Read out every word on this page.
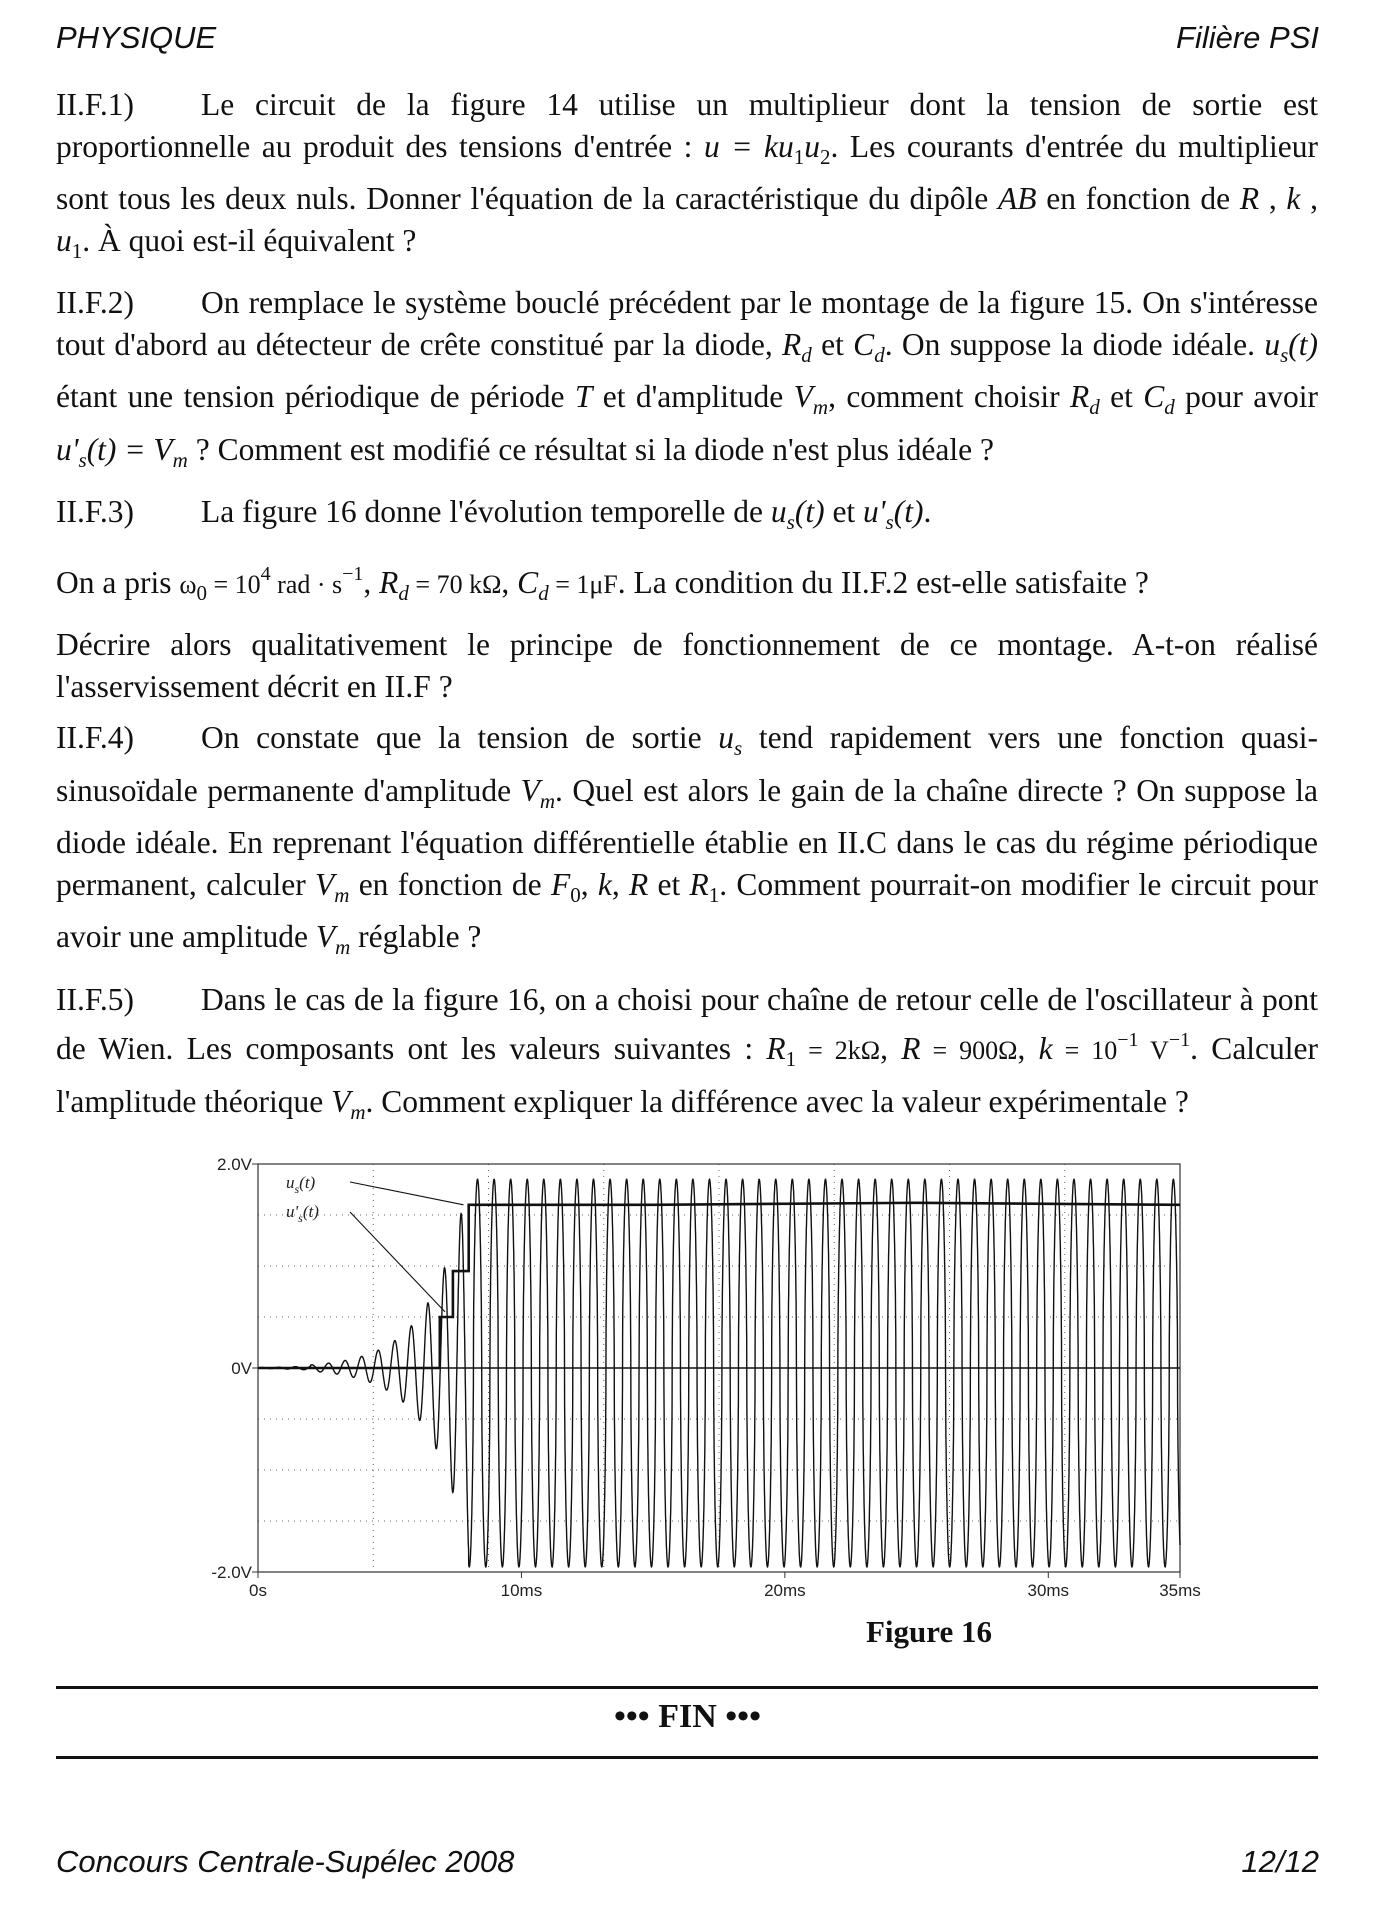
PHYSIQUE	Filière PSI

II.F.1) Le circuit de la figure 14 utilise un multiplieur dont la tension de sortie est proportionnelle au produit des tensions d'entrée : $u = ku_1u_2$. Les courants d'entrée du multiplieur sont tous les deux nuls. Donner l'équation de la caractéristique du dipôle AB en fonction de R , k , $u_1$. À quoi est-il équivalent ?

II.F.2) On remplace le système bouclé précédent par le montage de la figure 15. On s'intéresse tout d'abord au détecteur de crête constitué par la diode, $R_d$ et $C_d$. On suppose la diode idéale. $u_s(t)$ étant une tension périodique de période T et d'amplitude $V_m$, comment choisir $R_d$ et $C_d$ pour avoir $u'_s(t) = V_m$ ? Comment est modifié ce résultat si la diode n'est plus idéale ?

II.F.3) La figure 16 donne l'évolution temporelle de $u_s(t)$ et $u'_s(t)$.

On a pris $\omega_0 = 10^4$ rad · $s^{-1}$, $R_d = 70$ kΩ, $C_d = 1\mu F$. La condition du II.F.2 est-elle satisfaite ?

Décrire alors qualitativement le principe de fonctionnement de ce montage. A-t-on réalisé l'asservissement décrit en II.F ?

II.F.4) On constate que la tension de sortie $u_s$ tend rapidement vers une fonction quasi-sinusoïdale permanente d'amplitude $V_m$. Quel est alors le gain de la chaîne directe ? On suppose la diode idéale. En reprenant l'équation différentielle établie en II.C dans le cas du régime périodique permanent, calculer $V_m$ en fonction de $F_0$, k, R et $R_1$. Comment pourrait-on modifier le circuit pour avoir une amplitude $V_m$ réglable ?

II.F.5) Dans le cas de la figure 16, on a choisi pour chaîne de retour celle de l'oscillateur à pont de Wien. Les composants ont les valeurs suivantes : $R_1 = 2k\Omega$, R = 900Ω, $k = 10^{-1}$ $V^{-1}$. Calculer l'amplitude théorique $V_m$. Comment expliquer la différence avec la valeur expérimentale ?

0s	10ms	20ms	30ms	35ms
2.0V
0V
-2.0V
$u_s(t)$
$u'_s(t)$
Figure 16
••• FIN •••
Concours Centrale-Supélec 2008	12/12
